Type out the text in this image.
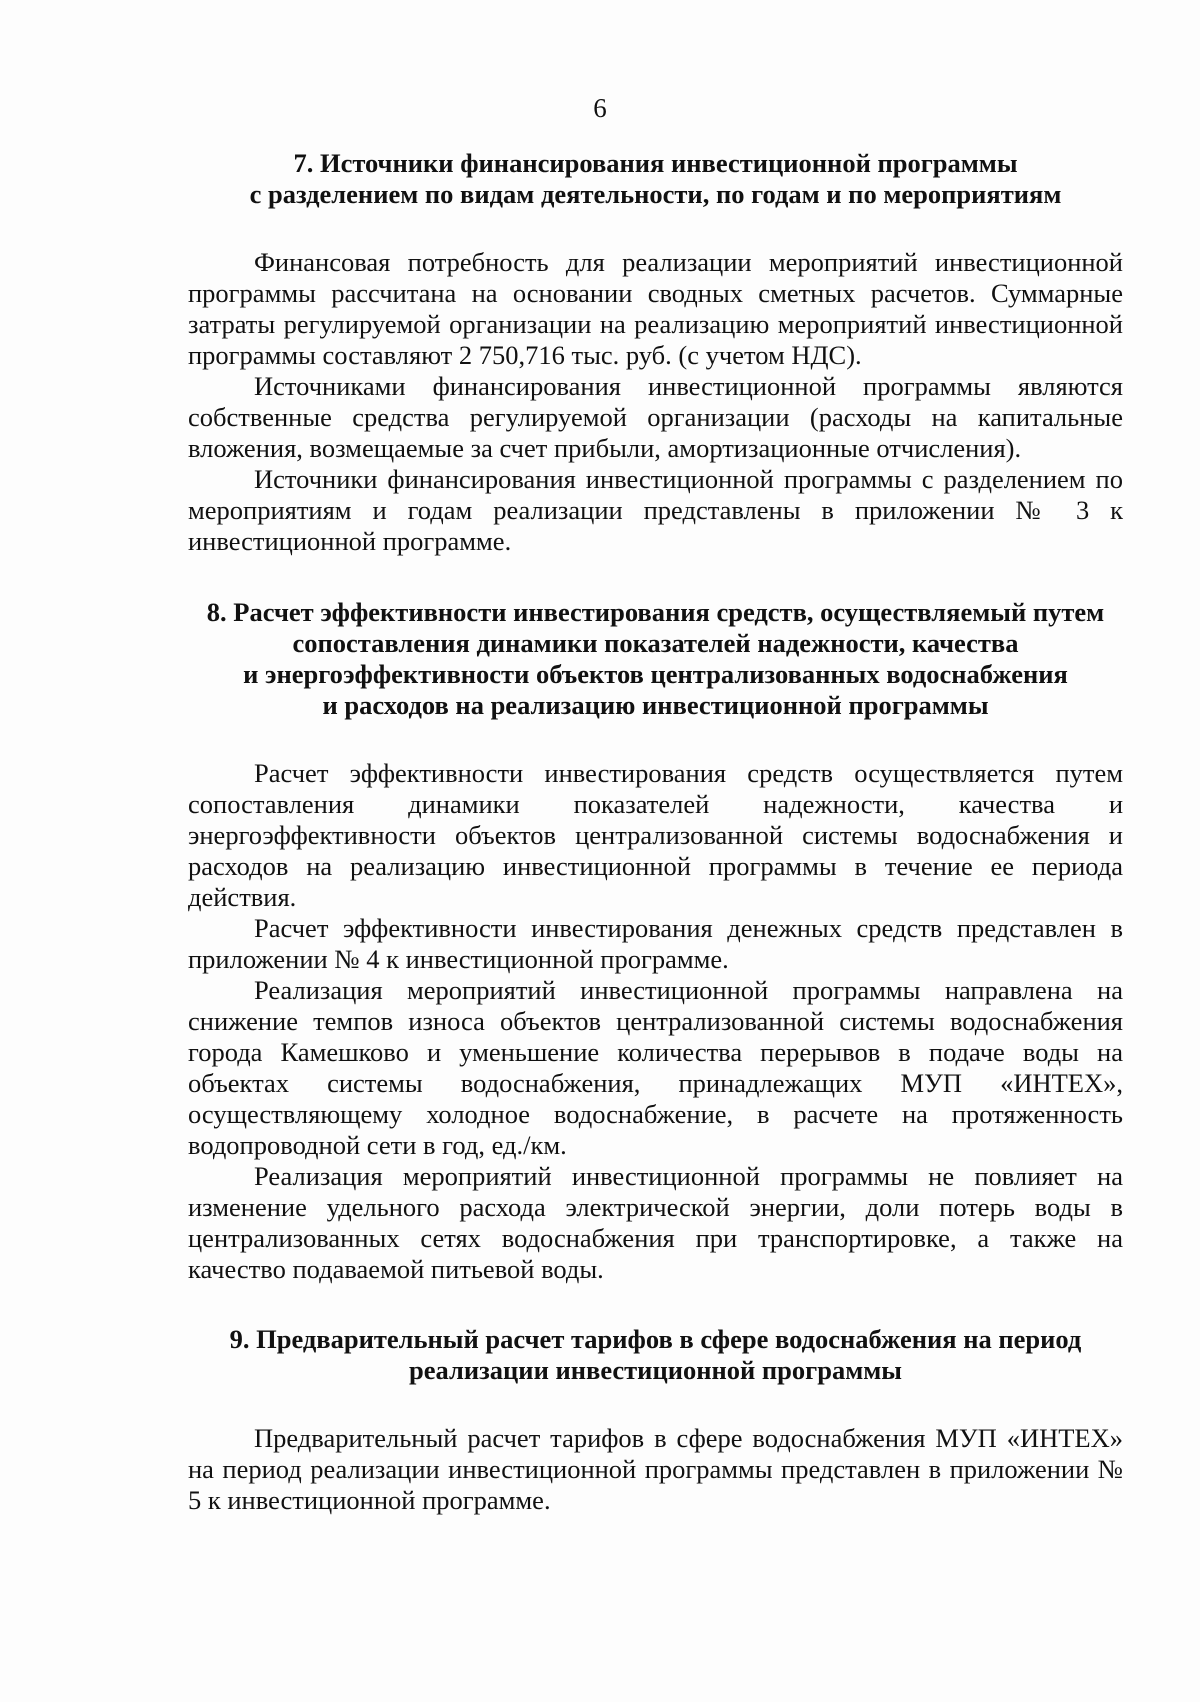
6
7. Источники финансирования инвестиционной программы
с разделением по видам деятельности, по годам и по мероприятиям

Финансовая потребность для реализации мероприятий инвестиционной программы рассчитана на основании сводных сметных расчетов. Суммарные затраты регулируемой организации на реализацию мероприятий инвестиционной программы составляют 2 750,716 тыс. руб. (с учетом НДС).

Источниками финансирования инвестиционной программы являются собственные средства регулируемой организации (расходы на капитальные вложения, возмещаемые за счет прибыли, амортизационные отчисления).

Источники финансирования инвестиционной программы с разделением по мероприятиям и годам реализации представлены в приложении № 3 к инвестиционной программе.

8. Расчет эффективности инвестирования средств, осуществляемый путем
сопоставления динамики показателей надежности, качества
и энергоэффективности объектов централизованных водоснабжения
и расходов на реализацию инвестиционной программы

Расчет эффективности инвестирования средств осуществляется путем сопоставления динамики показателей надежности, качества и энергоэффективности объектов централизованной системы водоснабжения и расходов на реализацию инвестиционной программы в течение ее периода действия.

Расчет эффективности инвестирования денежных средств представлен в приложении № 4 к инвестиционной программе.

Реализация мероприятий инвестиционной программы направлена на снижение темпов износа объектов централизованной системы водоснабжения города Камешково и уменьшение количества перерывов в подаче воды на объектах системы водоснабжения, принадлежащих МУП «ИНТЕХ», осуществляющему холодное водоснабжение, в расчете на протяженность водопроводной сети в год, ед./км.

Реализация мероприятий инвестиционной программы не повлияет на изменение удельного расхода электрической энергии, доли потерь воды в централизованных сетях водоснабжения при транспортировке, а также на качество подаваемой питьевой воды.

9. Предварительный расчет тарифов в сфере водоснабжения на период
реализации инвестиционной программы

Предварительный расчет тарифов в сфере водоснабжения МУП «ИНТЕХ» на период реализации инвестиционной программы представлен в приложении № 5 к инвестиционной программе.
